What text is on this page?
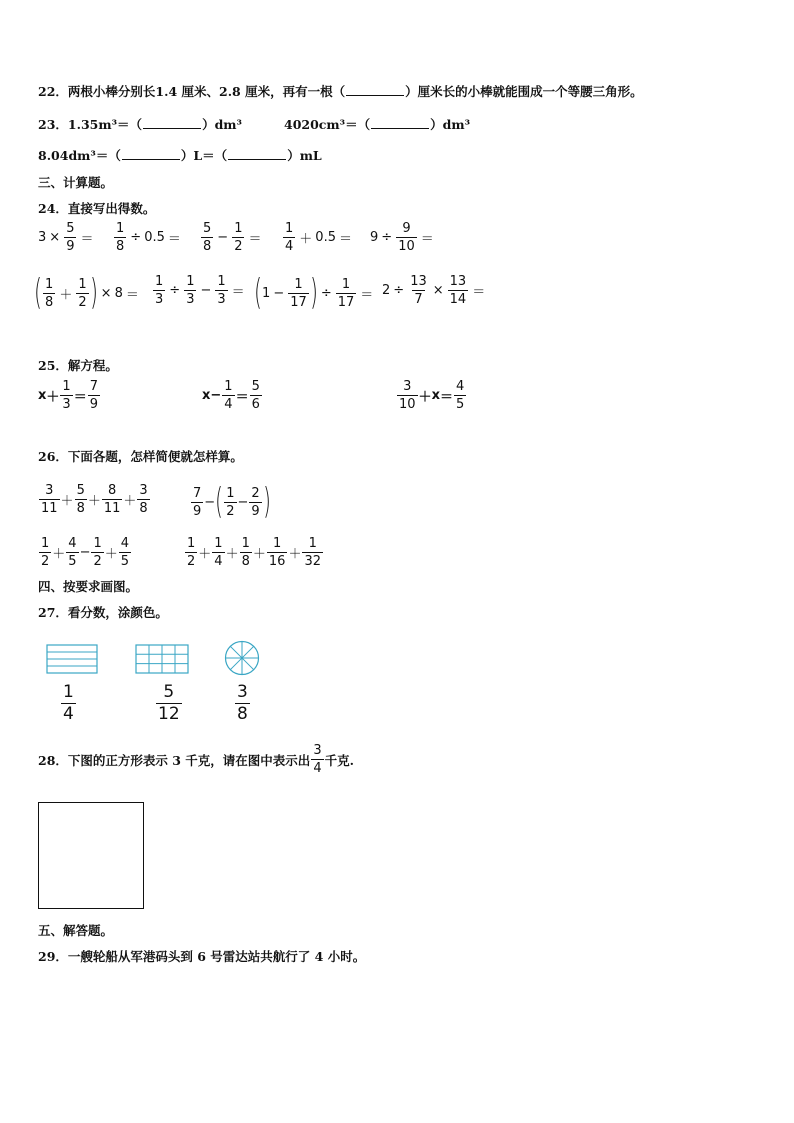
22．两根小棒分别长1.4 厘米、2.8 厘米，再有一根（	）厘米长的小棒就能围成一个等腰三角形。
23．1.35m³＝（	）dm³	4020cm³＝（	）dm³
8.04dm³＝（	）L＝（	）mL
三、计算题。
24．直接写出得数。
$3 \times \frac{5}{9} = \frac{1}{8} \div 0.5 = \frac{5}{8} - \frac{1}{2} = \frac{1}{4} + 0.5 = 9 \div \frac{9}{10}$ ＝
( $\frac{1}{8} + \frac{1}{2}$ ) × $8 = \frac{1}{3} \div \frac{1}{3} - \frac{1}{3}$ ＝ ( $1 - \frac{1}{17}$ ) ÷ $\frac{1}{17} = 2 \div \frac{13}{7} \times \frac{13}{14}$ ＝
25．解方程。
$x + \frac{1}{3} = \frac{7}{9}$	$x - \frac{1}{4} = \frac{5}{6}$	$\frac{3}{10} + x = \frac{4}{5}$
26．下面各题，怎样简便就怎样算。
$\frac{3}{11} + \frac{5}{8} + \frac{8}{11} + \frac{3}{8}$	$\frac{7}{9}$ − ( $\frac{1}{2} - \frac{2}{9}$ )
$\frac{1}{2} + \frac{4}{5} - \frac{1}{2} + \frac{4}{5}$	$\frac{1}{2} + \frac{1}{4} + \frac{1}{8} + \frac{1}{16} + \frac{1}{32}$
四、按要求画图。
27．看分数，涂颜色。
$\frac{1}{4}$	$\frac{5}{12}$	$\frac{3}{8}$
28．下图的正方形表示 3 千克，请在图中表示出 $\frac{3}{4}$ 千克.
五、解答题。
29．一艘轮船从军港码头到 6 号雷达站共航行了 4 小时。
